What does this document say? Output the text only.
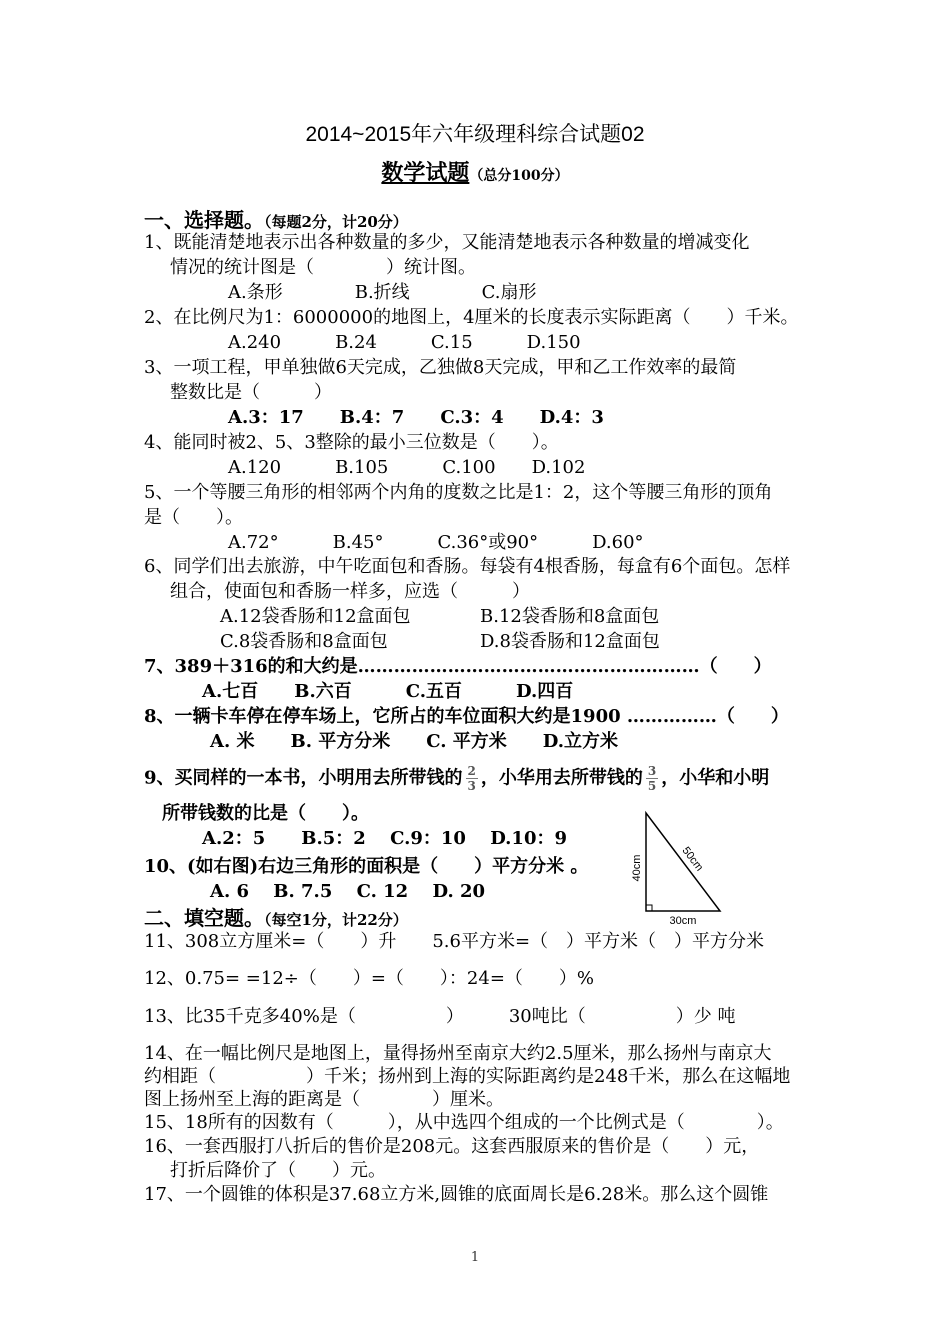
2014~2015年六年级理科综合试题02
数学试题（总分100分）
一、选择题。（每题2分，计20分）
1、既能清楚地表示出各种数量的多少，又能清楚地表示各种数量的增减变化
情况的统计图是（　　　　）统计图。
A.条形　　　　B.折线　　　　C.扇形
2、在比例尺为1：6000000的地图上，4厘米的长度表示实际距离（　　）千米。
A.240　　　B.24　　　C.15　　　D.150
3、一项工程，甲单独做6天完成，乙独做8天完成，甲和乙工作效率的最简
整数比是（　　　）
A.3：17　　B.4：7　　C.3：4　　D.4：3
4、能同时被2、5、3整除的最小三位数是（　　）。
A.120　　　B.105　　　C.100　　D.102
5、一个等腰三角形的相邻两个内角的度数之比是1：2，这个等腰三角形的顶角
是（　　）。
A.72°　　　B.45°　　　C.36°或90°　　　D.60°
6、同学们出去旅游，中午吃面包和香肠。每袋有4根香肠，每盒有6个面包。怎样
组合，使面包和香肠一样多，应选（　　　）
A.12袋香肠和12盒面包	B.12袋香肠和8盒面包
C.8袋香肠和8盒面包	D.8袋香肠和12盒面包
7、389＋316的和大约是…………………………………………………（　　）
A.七百　　B.六百　　　C.五百　　　D.四百
8、一辆卡车停在停车场上，它所占的车位面积大约是1900 ……………（　　）
A. 米　　B. 平方分米　　C. 平方米　　D.立方米
9、买同样的一本书，小明用去所带钱的 $\frac{2}{3}$ ，小华用去所带钱的 $\frac{3}{5}$ ，小华和小明
所带钱数的比是（　　）。
A.2：5　　B.5：2　 C.9：10　 D.10：9
10、(如右图)右边三角形的面积是（　　）平方分米 。
A. 6　 B. 7.5　 C. 12　 D. 20
40cm
30cm
50cm
二、填空题。（每空1分，计22分）
11、308立方厘米=（　　）升　　5.6平方米=（　）平方米（　）平方分米
12、0.75= =12÷（　　）=（　　）：24=（　　）%
13、比35千克多40%是（　　　　　）　　　30吨比（　　　　　）少 吨
14、在一幅比例尺是地图上，量得扬州至南京大约2.5厘米，那么扬州与南京大
约相距（　　　　　）千米；扬州到上海的实际距离约是248千米，那么在这幅地
图上扬州至上海的距离是（　　　　）厘米。
15、18所有的因数有（　　　），从中选四个组成的一个比例式是（　　　　）。
16、一套西服打八折后的售价是208元。这套西服原来的售价是（　　）元，
打折后降价了（　　）元。
17、一个圆锥的体积是37.68立方米,圆锥的底面周长是6.28米。那么这个圆锥
1
